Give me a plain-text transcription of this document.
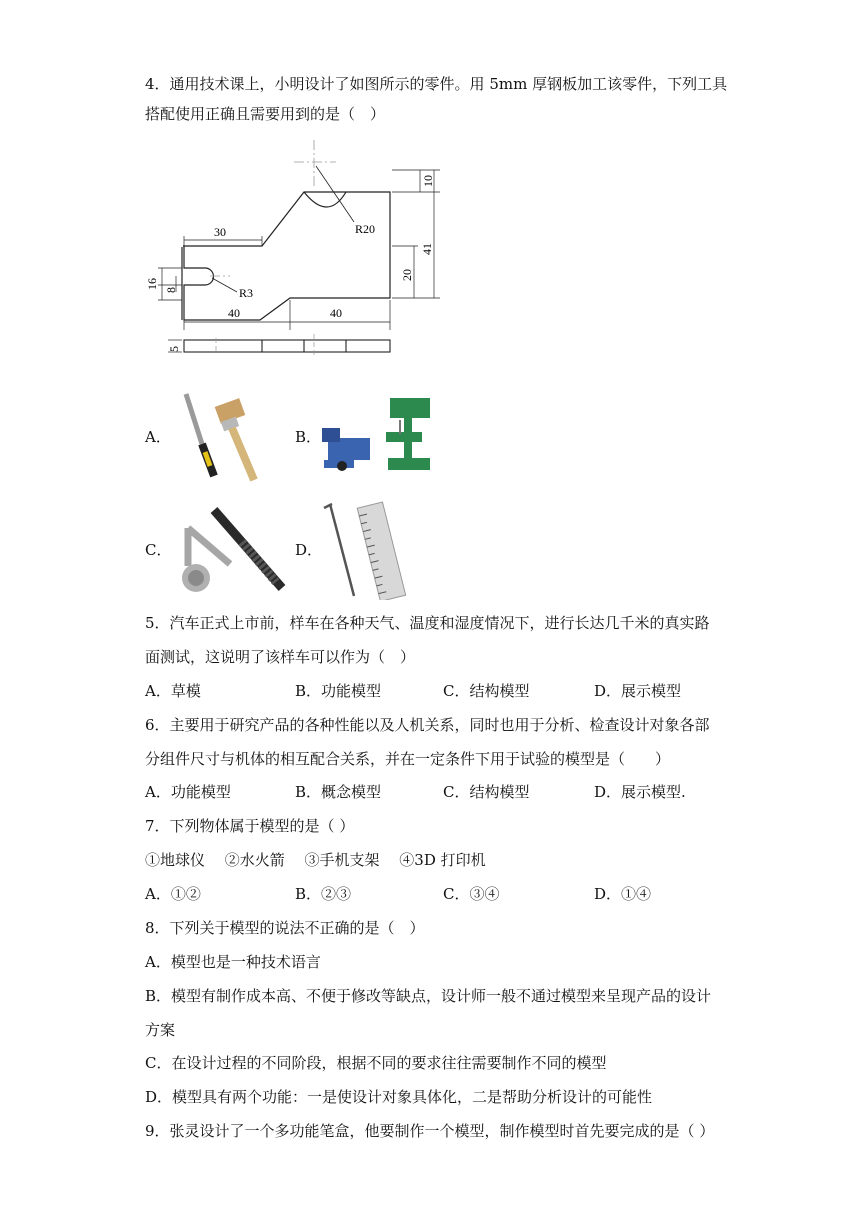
4．通用技术课上，小明设计了如图所示的零件。用 5mm 厚钢板加工该零件，下列工具
搭配使用正确且需要用到的是（　）
R20
R3
30
10
41
20
16 8
40	40
5
A．	B．
C．	D．
5．汽车正式上市前，样车在各种天气、温度和湿度情况下，进行长达几千米的真实路
面测试，这说明了该样车可以作为（　）
A．草模	B．功能模型	C．结构模型	D．展示模型
6．主要用于研究产品的各种性能以及人机关系，同时也用于分析、检查设计对象各部
分组件尺寸与机体的相互配合关系，并在一定条件下用于试验的模型是（　　）
A．功能模型	B．概念模型	C．结构模型	D．展示模型.
7．下列物体属于模型的是（ ）
①地球仪　 ②水火箭　 ③手机支架　 ④3D 打印机
A．①②	B．②③	C．③④	D．①④
8．下列关于模型的说法不正确的是（　）
A．模型也是一种技术语言
B．模型有制作成本高、不便于修改等缺点，设计师一般不通过模型来呈现产品的设计
方案
C．在设计过程的不同阶段，根据不同的要求往往需要制作不同的模型
D．模型具有两个功能：一是使设计对象具体化，二是帮助分析设计的可能性
9．张灵设计了一个多功能笔盒，他要制作一个模型，制作模型时首先要完成的是（ ）
